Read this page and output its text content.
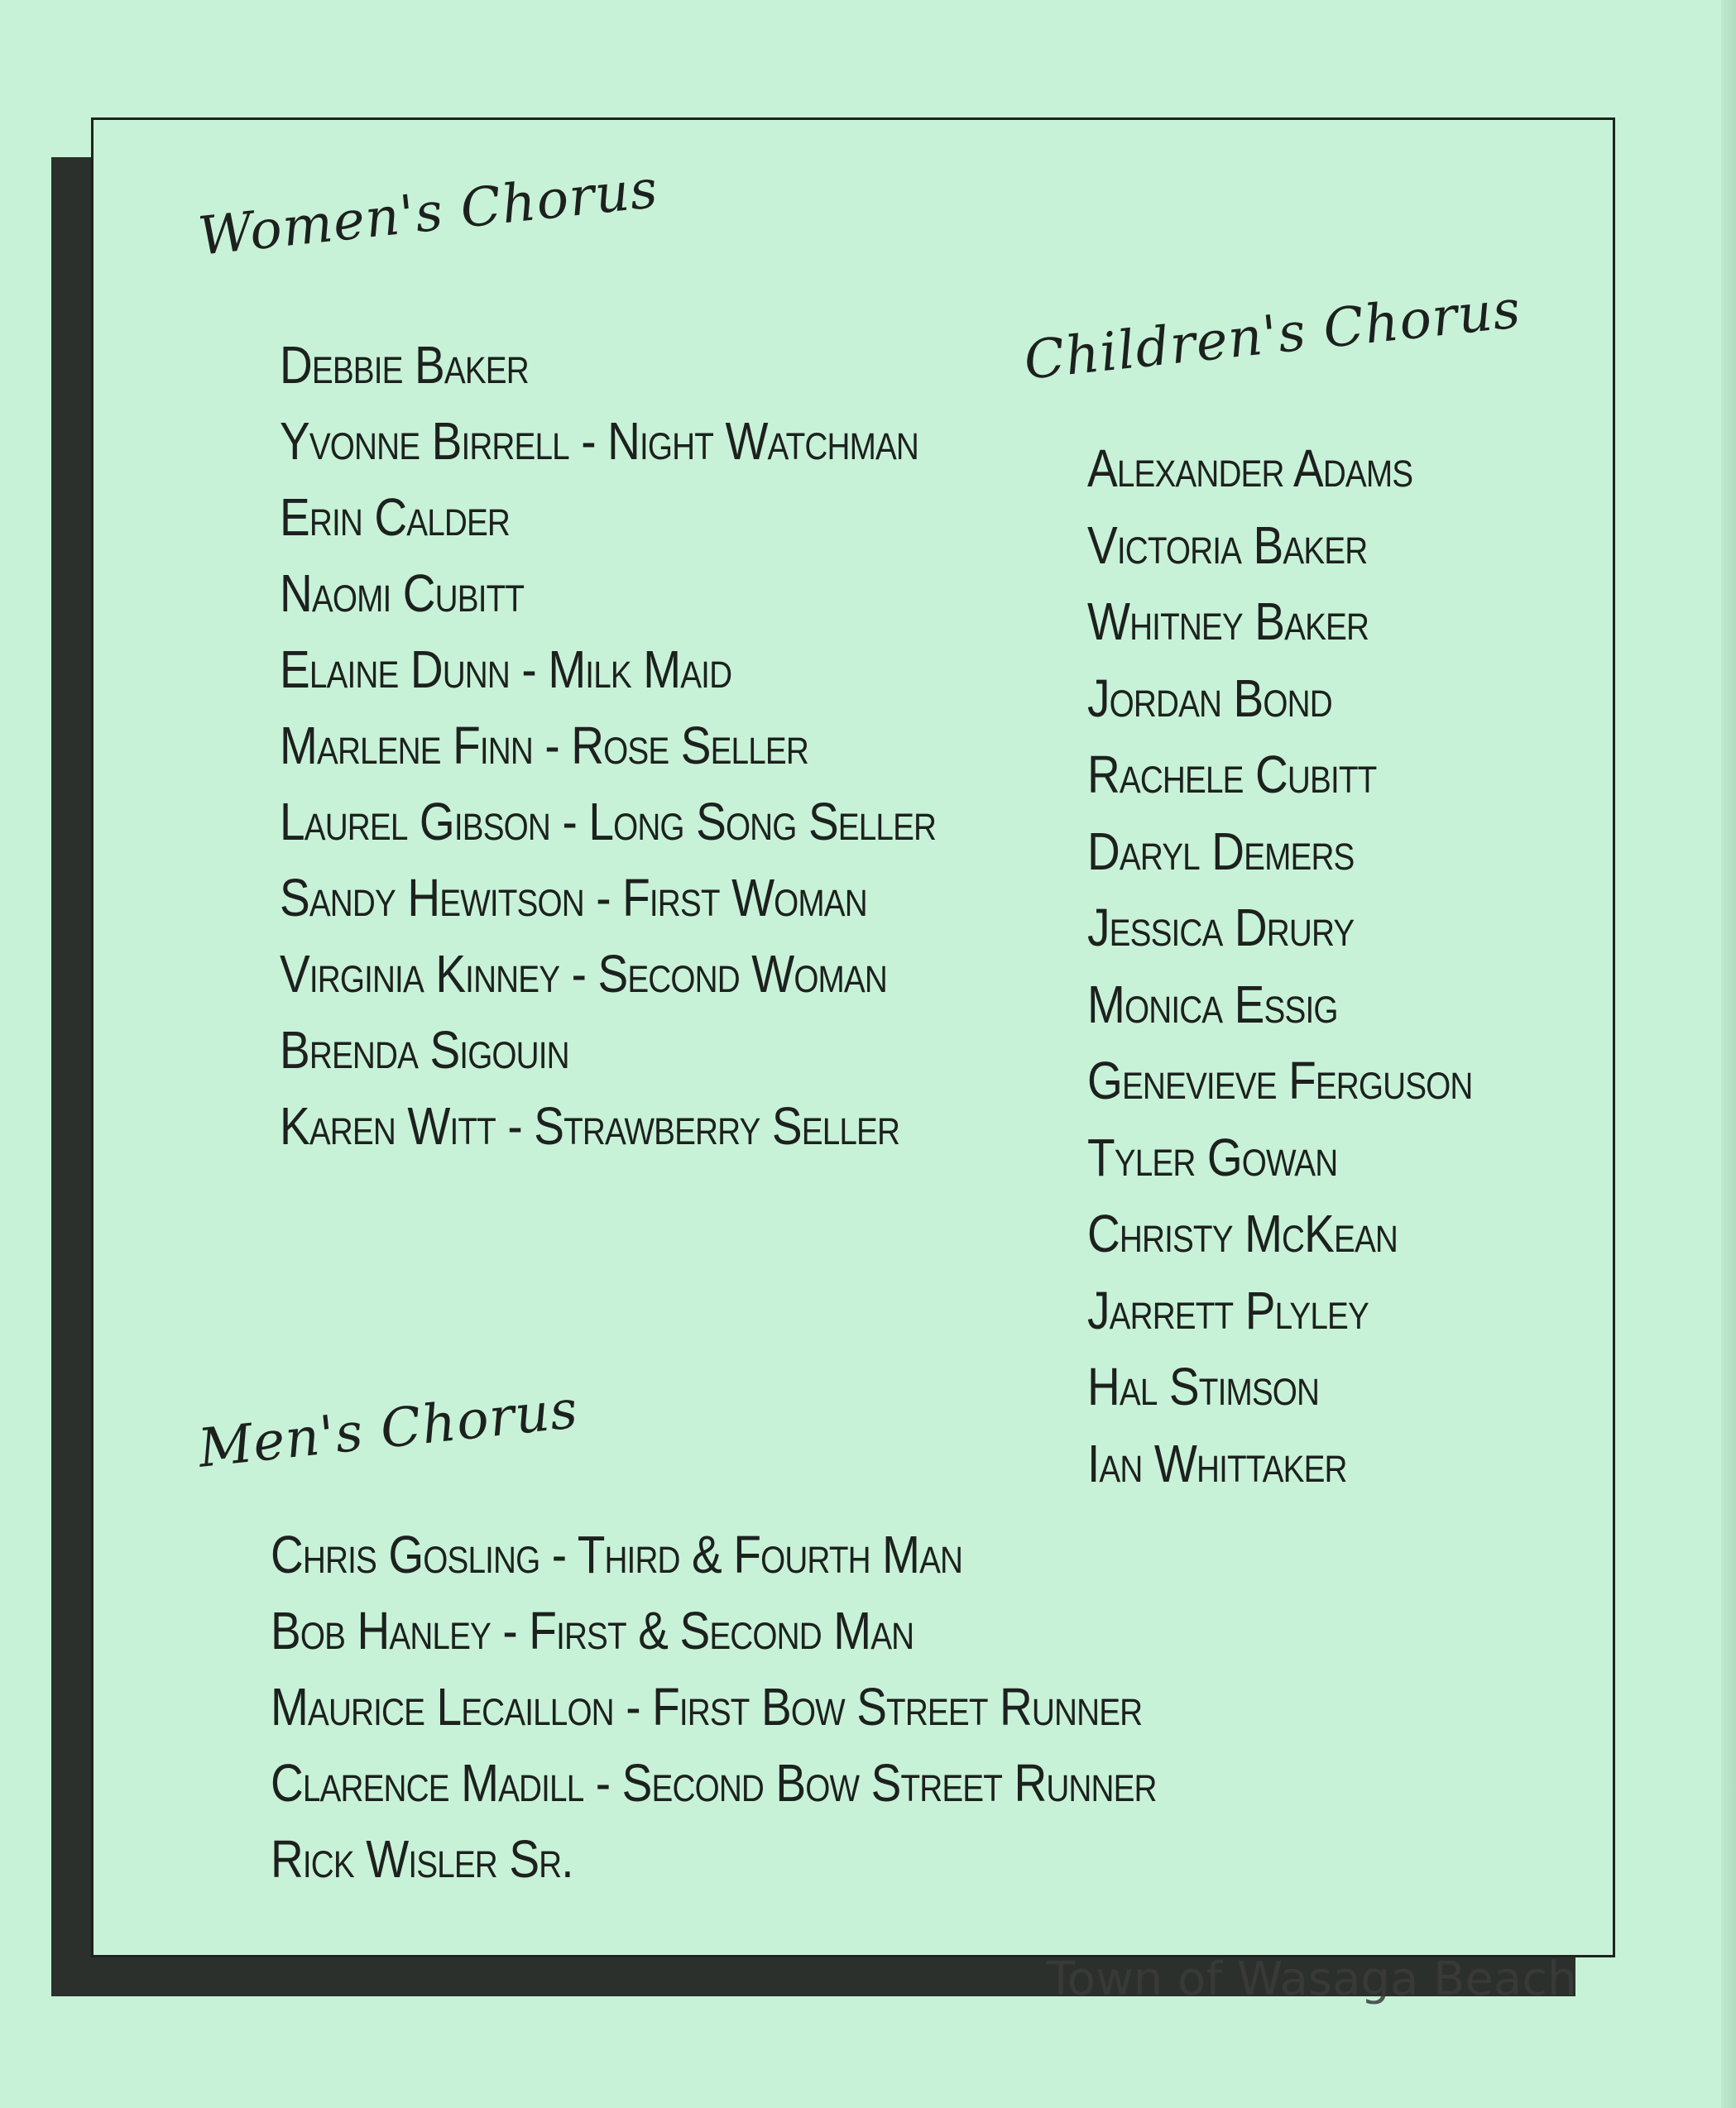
Women's Chorus
Debbie Baker
Yvonne Birrell - Night Watchman
Erin Calder
Naomi Cubitt
Elaine Dunn - Milk Maid
Marlene Finn - Rose Seller
Laurel Gibson - Long Song Seller
Sandy Hewitson - First Woman
Virginia Kinney - Second Woman
Brenda Sigouin
Karen Witt - Strawberry Seller
Children's Chorus
Alexander Adams
Victoria Baker
Whitney Baker
Jordan Bond
Rachele Cubitt
Daryl Demers
Jessica Drury
Monica Essig
Genevieve Ferguson
Tyler Gowan
Christy McKean
Jarrett Plyley
Hal Stimson
Ian Whittaker
Men's Chorus
Chris Gosling - Third & Fourth Man
Bob Hanley - First & Second Man
Maurice Lecaillon - First Bow Street Runner
Clarence Madill - Second Bow Street Runner
Rick Wisler Sr.
Town of Wasaga Beach
